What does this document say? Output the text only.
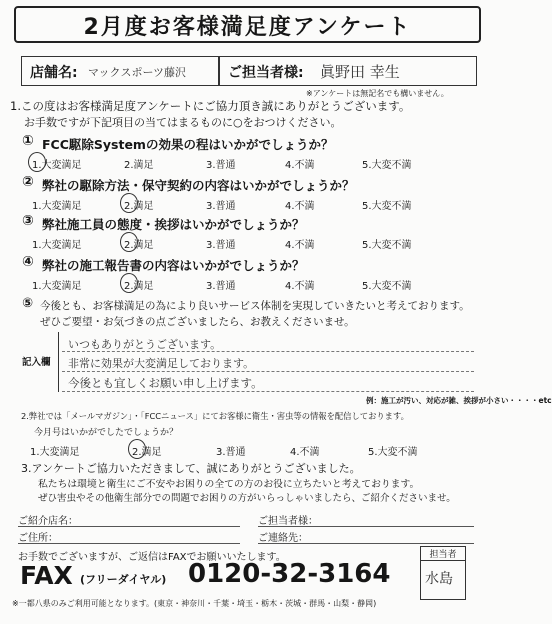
2月度お客様満足度アンケート
店舗名: マックスポーツ藤沢	ご担当者様: 眞野田 幸生
※アンケートは無記名でも構いません。
1.この度はお客様満足度アンケートにご協力頂き誠にありがとうございます。
お手数ですが下記項目の当てはまるものに○をおつけください。
① FCC駆除Systemの効果の程はいかがでしょうか？
1.大変満足	2.満足	3.普通	4.不満	5.大変不満
② 弊社の駆除方法・保守契約の内容はいかがでしょうか？
1.大変満足	2.満足	3.普通	4.不満	5.大変不満
③ 弊社施工員の態度・挨拶はいかがでしょうか？
1.大変満足	2.満足	3.普通	4.不満	5.大変不満
④ 弊社の施工報告書の内容はいかがでしょうか？
1.大変満足	2.満足	3.普通	4.不満	5.大変不満
⑤ 今後とも、お客様満足の為により良いサービス体制を実現していきたいと考えております。
ぜひご要望・お気づきの点ございましたら、お教えくださいませ。
記入欄
いつもありがとうございます。
非常に効果が大変満足しております。
今後とも宜しくお願い申し上げます。
例：施工が汚い、対応が雑、挨拶が小さい・・・・etc
2.弊社では「メールマガジン」・「FCCニュース」にてお客様に衛生・害虫等の情報を配信しております。
今月号はいかがでしたでしょうか？
1.大変満足	2.満足	3.普通	4.不満	5.大変不満
3.アンケートご協力いただきまして、誠にありがとうございました。
私たちは環境と衛生にご不安やお困りの全ての方のお役に立ちたいと考えております。
ぜひ害虫やその他衛生部分での問題でお困りの方がいらっしゃいましたら、ご紹介くださいませ。
ご紹介店名：	ご担当者様：
ご住所：	ご連絡先：
お手数でございますが、ご返信はFAXでお願いいたします。
FAX (フリーダイヤル) 0120-32-3164
※一都八県のみご利用可能となります。(東京・神奈川・千葉・埼玉・栃木・茨城・群馬・山梨・静岡)
担当者
水島
